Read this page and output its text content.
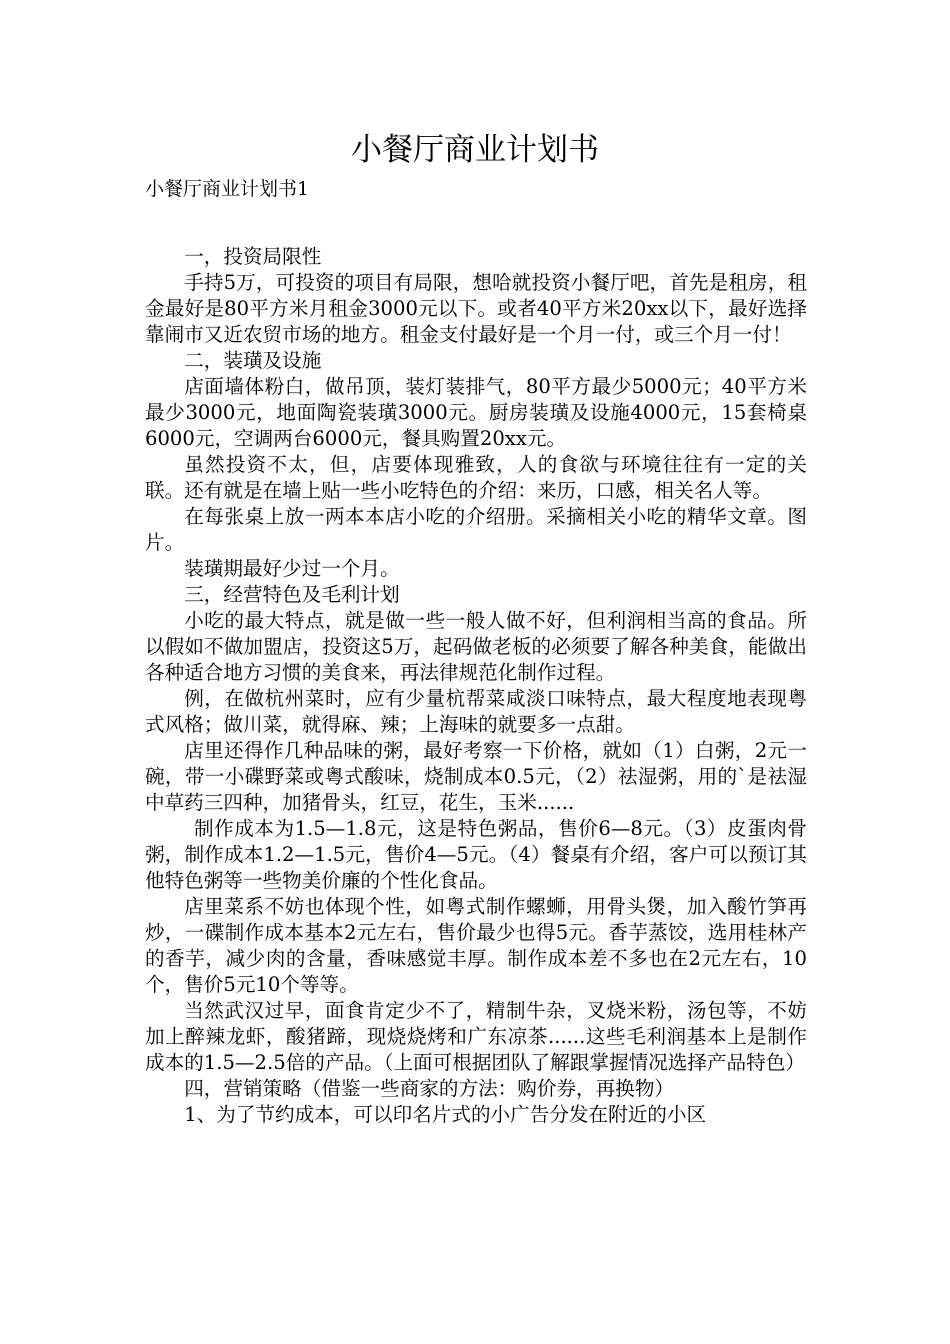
小餐厅商业计划书
小餐厅商业计划书1

一，投资局限性

手持5万，可投资的项目有局限，想哈就投资小餐厅吧，首先是租房，租金最好是80平方米月租金3000元以下。或者40平方米20xx以下，最好选择靠闹市又近农贸市场的地方。租金支付最好是一个月一付，或三个月一付！

二，装璜及设施

店面墙体粉白，做吊顶，装灯装排气，80平方最少5000元；40平方米最少3000元，地面陶瓷装璜3000元。厨房装璜及设施4000元，15套椅桌6000元，空调两台6000元，餐具购置20xx元。

虽然投资不太，但，店要体现雅致，人的食欲与环境往往有一定的关联。还有就是在墙上贴一些小吃特色的介绍：来历，口感，相关名人等。

在每张桌上放一两本本店小吃的介绍册。采摘相关小吃的精华文章。图片。

装璜期最好少过一个月。

三，经营特色及毛利计划

小吃的最大特点，就是做一些一般人做不好，但利润相当高的食品。所以假如不做加盟店，投资这5万，起码做老板的必须要了解各种美食，能做出各种适合地方习惯的美食来，再法律规范化制作过程。

例，在做杭州菜时，应有少量杭帮菜咸淡口味特点，最大程度地表现粤式风格；做川菜，就得麻、辣；上海味的就要多一点甜。

店里还得作几种品味的粥，最好考察一下价格，就如（1）白粥，2元一碗，带一小碟野菜或粤式酸味，烧制成本0.5元，（2）祛湿粥，用的`是祛湿中草药三四种，加猪骨头，红豆，花生，玉米......

制作成本为1.5—1.8元，这是特色粥品，售价6—8元。（3）皮蛋肉骨粥，制作成本1.2—1.5元，售价4—5元。（4）餐桌有介绍，客户可以预订其他特色粥等一些物美价廉的个性化食品。

店里菜系不妨也体现个性，如粤式制作螺蛳，用骨头煲，加入酸竹笋再炒，一碟制作成本基本2元左右，售价最少也得5元。香芋蒸饺，选用桂林产的香芋，减少肉的含量，香味感觉丰厚。制作成本差不多也在2元左右，10个，售价5元10个等等。

当然武汉过早，面食肯定少不了，精制牛杂，叉烧米粉，汤包等，不妨加上醉辣龙虾，酸猪蹄，现烧烧烤和广东凉茶......这些毛利润基本上是制作成本的1.5—2.5倍的产品。（上面可根据团队了解跟掌握情况选择产品特色）

四，营销策略（借鉴一些商家的方法：购价券，再换物）

1、为了节约成本，可以印名片式的小广告分发在附近的小区
